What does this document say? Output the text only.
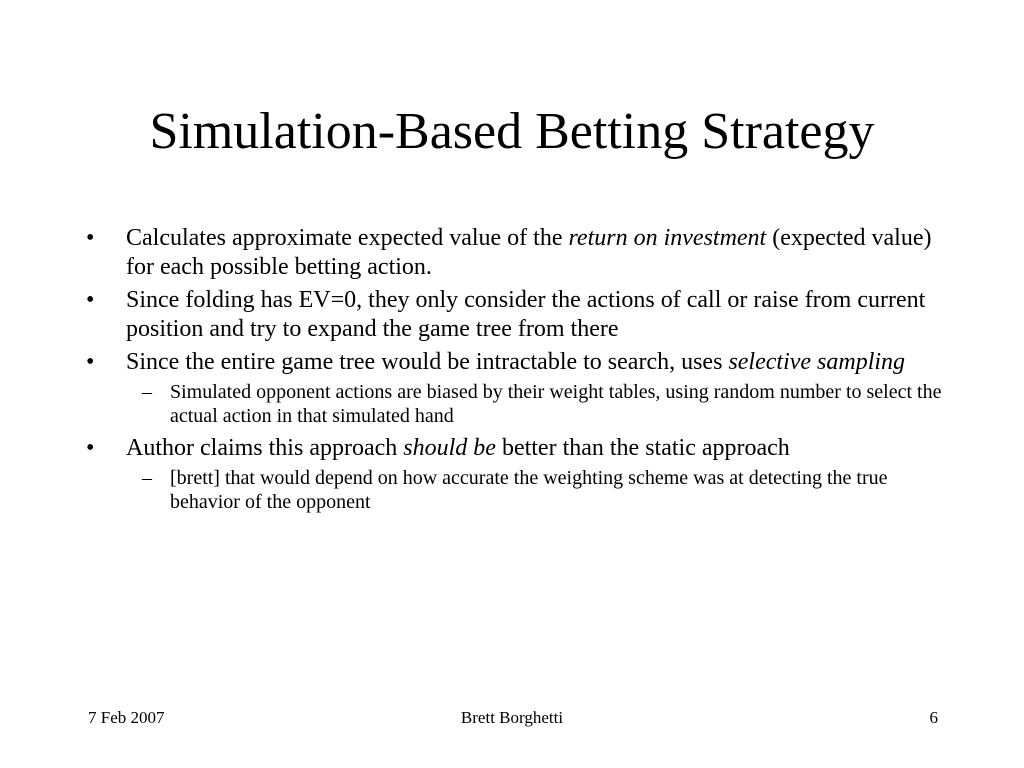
Simulation-Based Betting Strategy
•	Calculates approximate expected value of the return on investment (expected value) for each possible betting action.
•	Since folding has EV=0, they only consider the actions of call or raise from current position and try to expand the game tree from there
•	Since the entire game tree would be intractable to search, uses selective sampling
– Simulated opponent actions are biased by their weight tables, using random number to select the actual action in that simulated hand
•	Author claims this approach should be better than the static approach
– [brett] that would depend on how accurate the weighting scheme was at detecting the true behavior of the opponent
7 Feb 2007	Brett Borghetti	6
